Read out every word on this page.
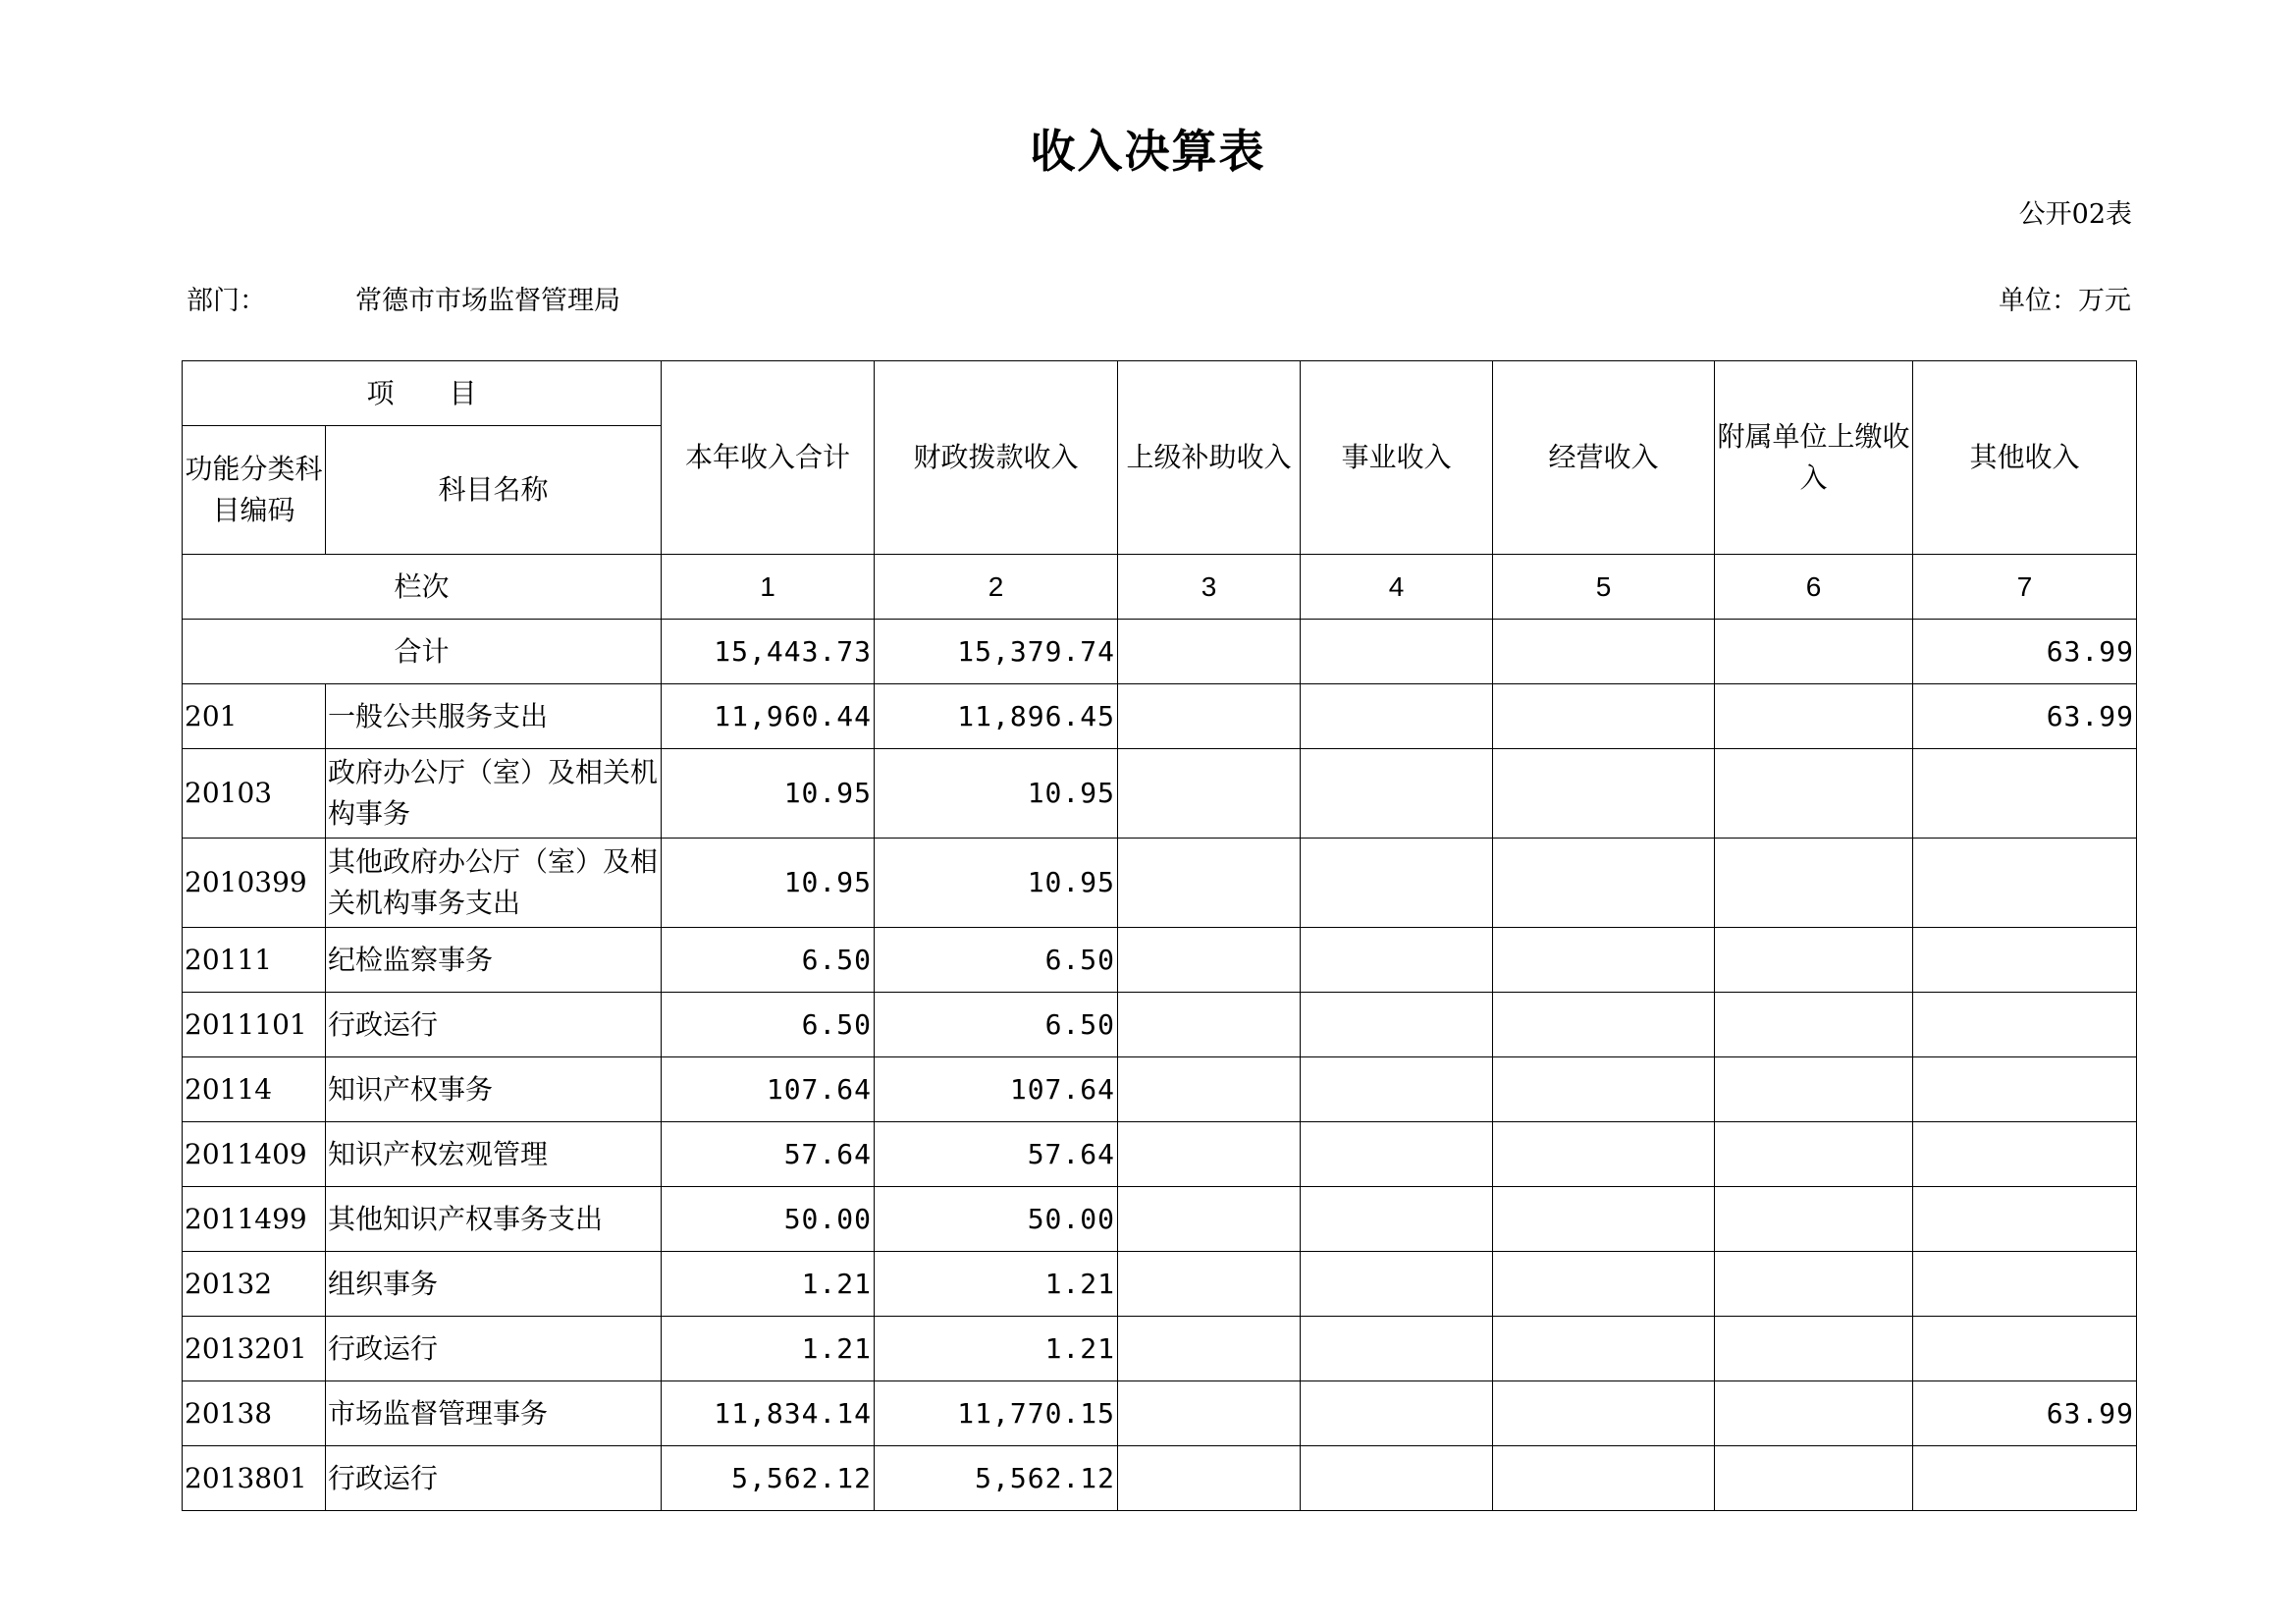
收入决算表
公开02表
部门：	常德市市场监督管理局	单位：万元
项　　目		本年收入合计	财政拨款收入	上级补助收入	事业收入	经营收入	附属单位上缴收入	其他收入
功能分类科目编码	科目名称							
栏次		1	2	3	4	5	6	7
合计		15,443.73	15,379.74					63.99
201	一般公共服务支出	11,960.44	11,896.45					63.99
20103	政府办公厅（室）及相关机构事务	10.95	10.95					
2010399	其他政府办公厅（室）及相关机构事务支出	10.95	10.95					
20111	纪检监察事务	6.50	6.50					
2011101	行政运行	6.50	6.50					
20114	知识产权事务	107.64	107.64					
2011409	知识产权宏观管理	57.64	57.64					
2011499	其他知识产权事务支出	50.00	50.00					
20132	组织事务	1.21	1.21					
2013201	行政运行	1.21	1.21					
20138	市场监督管理事务	11,834.14	11,770.15					63.99
2013801	行政运行	5,562.12	5,562.12					
